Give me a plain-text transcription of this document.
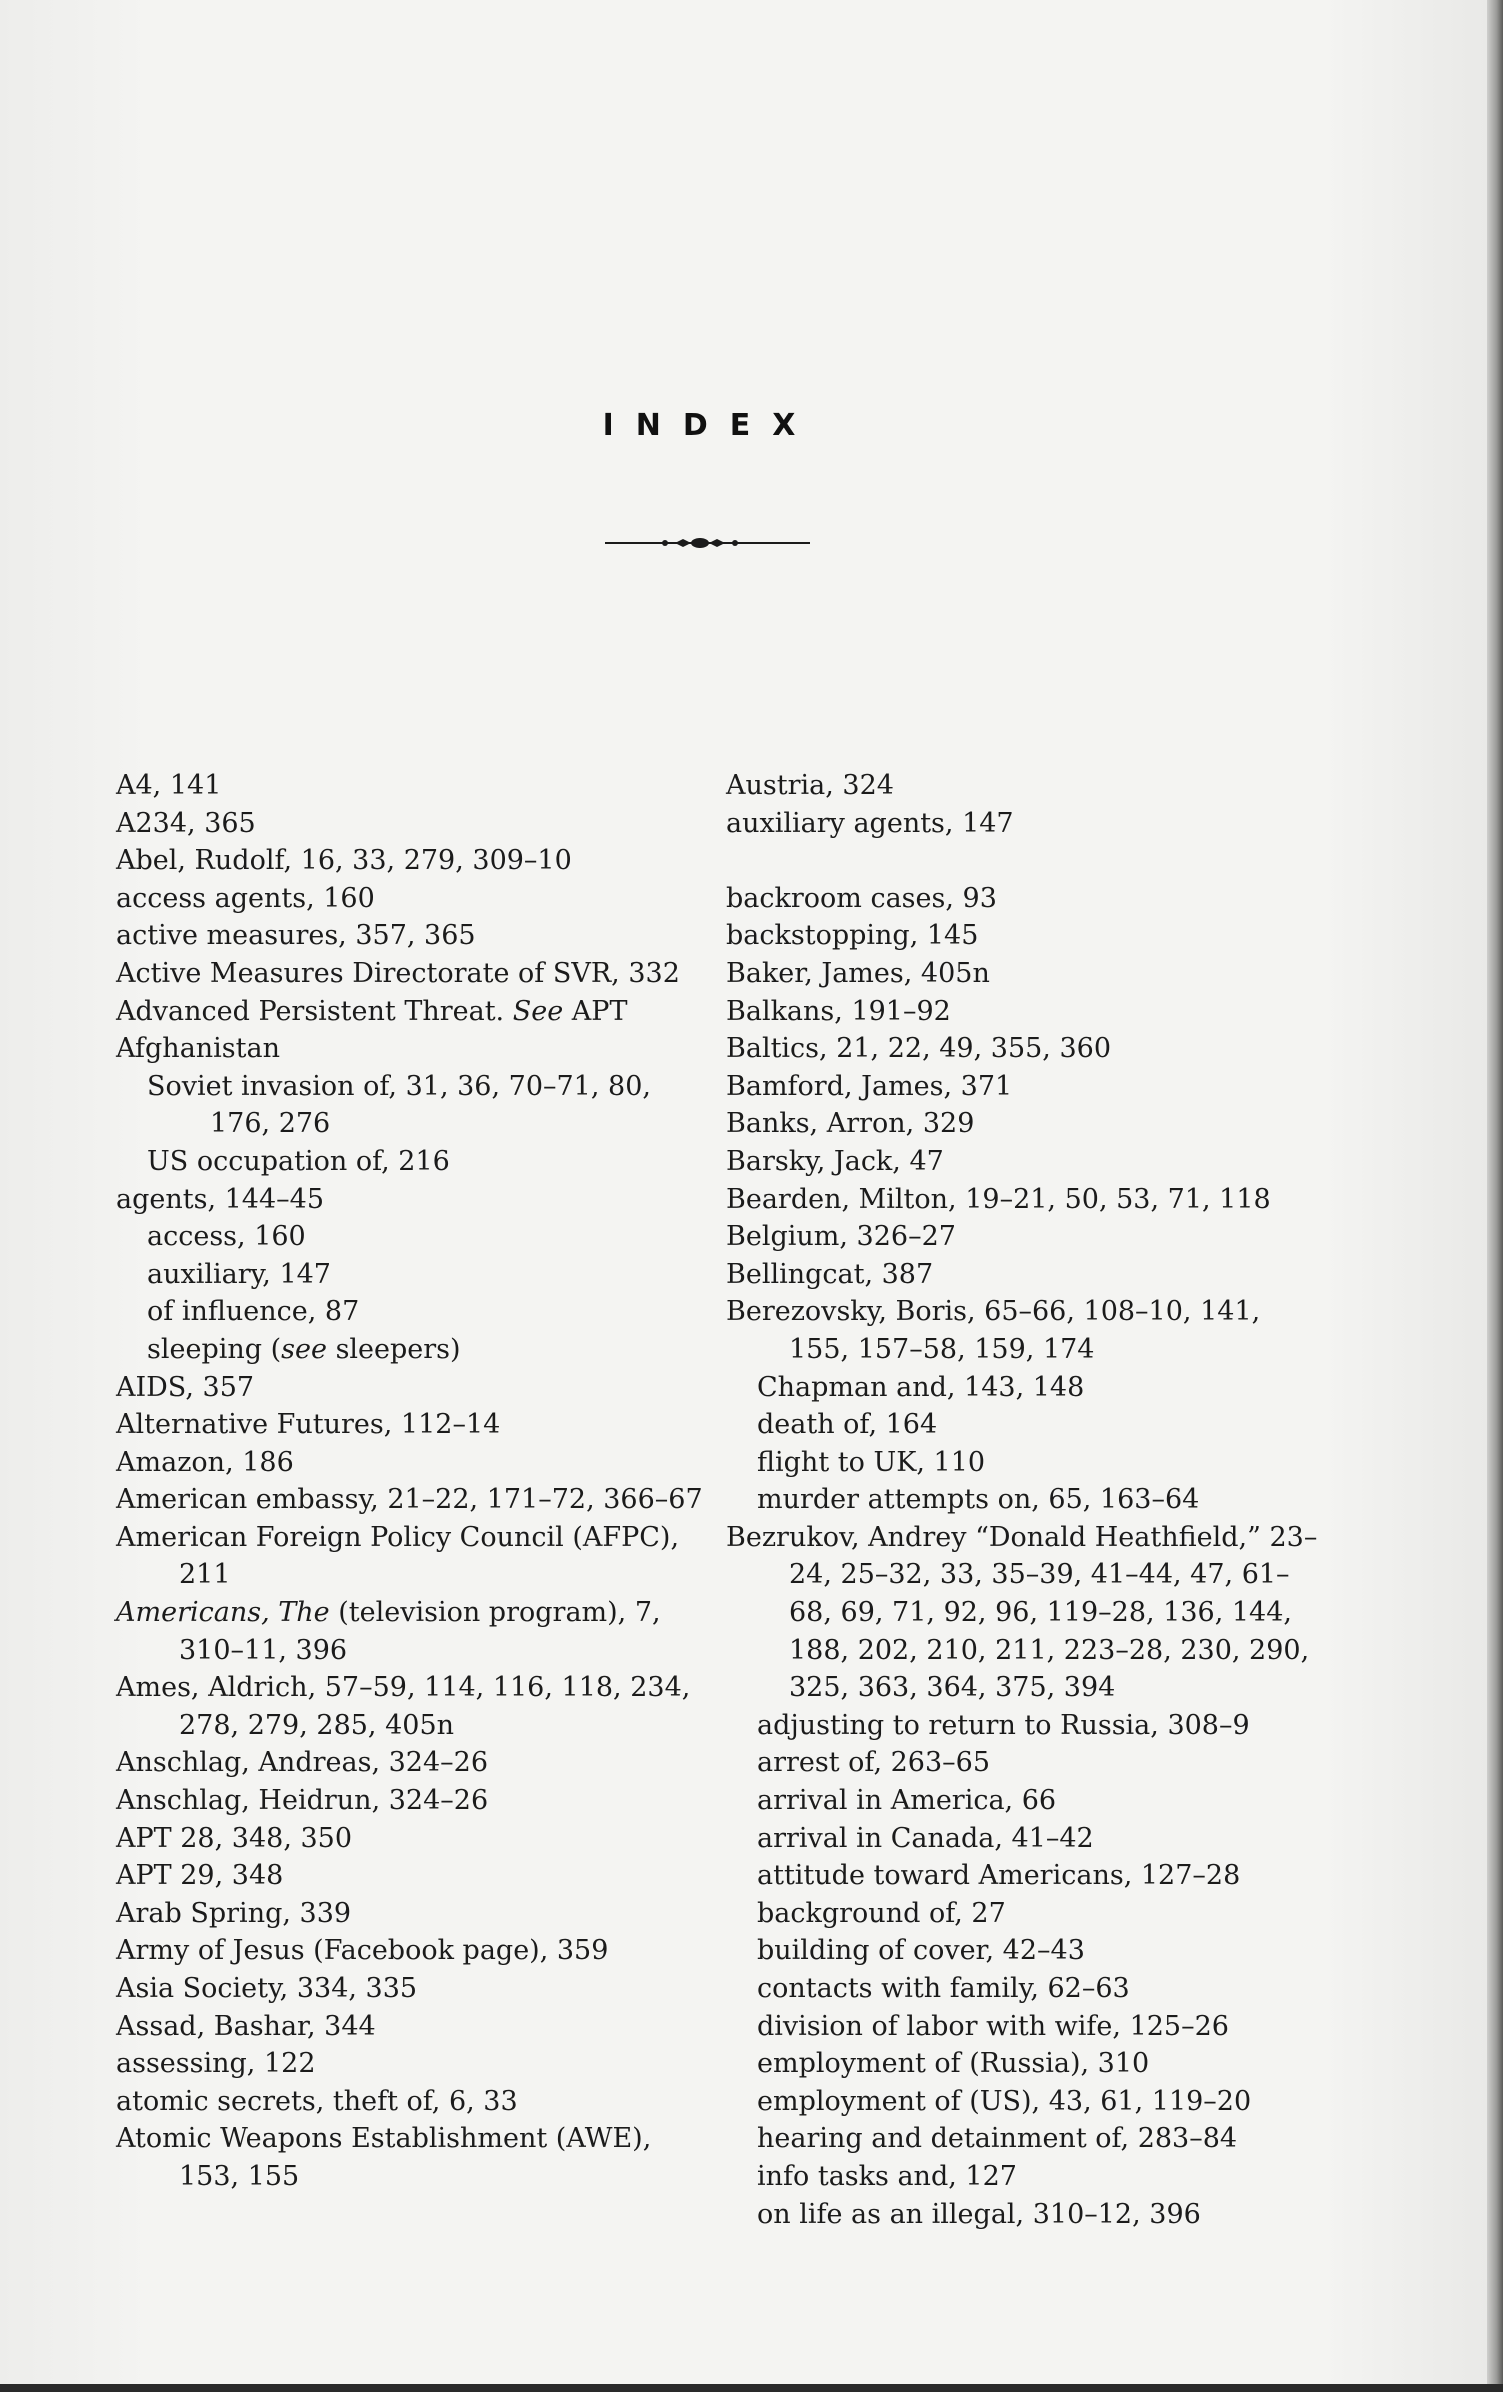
INDEX
A4, 141
A234, 365
Abel, Rudolf, 16, 33, 279, 309–10
access agents, 160
active measures, 357, 365
Active Measures Directorate of SVR, 332
Advanced Persistent Threat. See APT
Afghanistan
Soviet invasion of, 31, 36, 70–71, 80, 176, 276
US occupation of, 216
agents, 144–45
access, 160
auxiliary, 147
of influence, 87
sleeping (see sleepers)
AIDS, 357
Alternative Futures, 112–14
Amazon, 186
American embassy, 21–22, 171–72, 366–67
American Foreign Policy Council (AFPC), 211
Americans, The (television program), 7, 310–11, 396
Ames, Aldrich, 57–59, 114, 116, 118, 234, 278, 279, 285, 405n
Anschlag, Andreas, 324–26
Anschlag, Heidrun, 324–26
APT 28, 348, 350
APT 29, 348
Arab Spring, 339
Army of Jesus (Facebook page), 359
Asia Society, 334, 335
Assad, Bashar, 344
assessing, 122
atomic secrets, theft of, 6, 33
Atomic Weapons Establishment (AWE), 153, 155
Austria, 324
auxiliary agents, 147
backroom cases, 93
backstopping, 145
Baker, James, 405n
Balkans, 191–92
Baltics, 21, 22, 49, 355, 360
Bamford, James, 371
Banks, Arron, 329
Barsky, Jack, 47
Bearden, Milton, 19–21, 50, 53, 71, 118
Belgium, 326–27
Bellingcat, 387
Berezovsky, Boris, 65–66, 108–10, 141, 155, 157–58, 159, 174
Chapman and, 143, 148
death of, 164
flight to UK, 110
murder attempts on, 65, 163–64
Bezrukov, Andrey “Donald Heathfield,” 23–24, 25–32, 33, 35–39, 41–44, 47, 61–68, 69, 71, 92, 96, 119–28, 136, 144, 188, 202, 210, 211, 223–28, 230, 290, 325, 363, 364, 375, 394
adjusting to return to Russia, 308–9
arrest of, 263–65
arrival in America, 66
arrival in Canada, 41–42
attitude toward Americans, 127–28
background of, 27
building of cover, 42–43
contacts with family, 62–63
division of labor with wife, 125–26
employment of (Russia), 310
employment of (US), 43, 61, 119–20
hearing and detainment of, 283–84
info tasks and, 127
on life as an illegal, 310–12, 396
